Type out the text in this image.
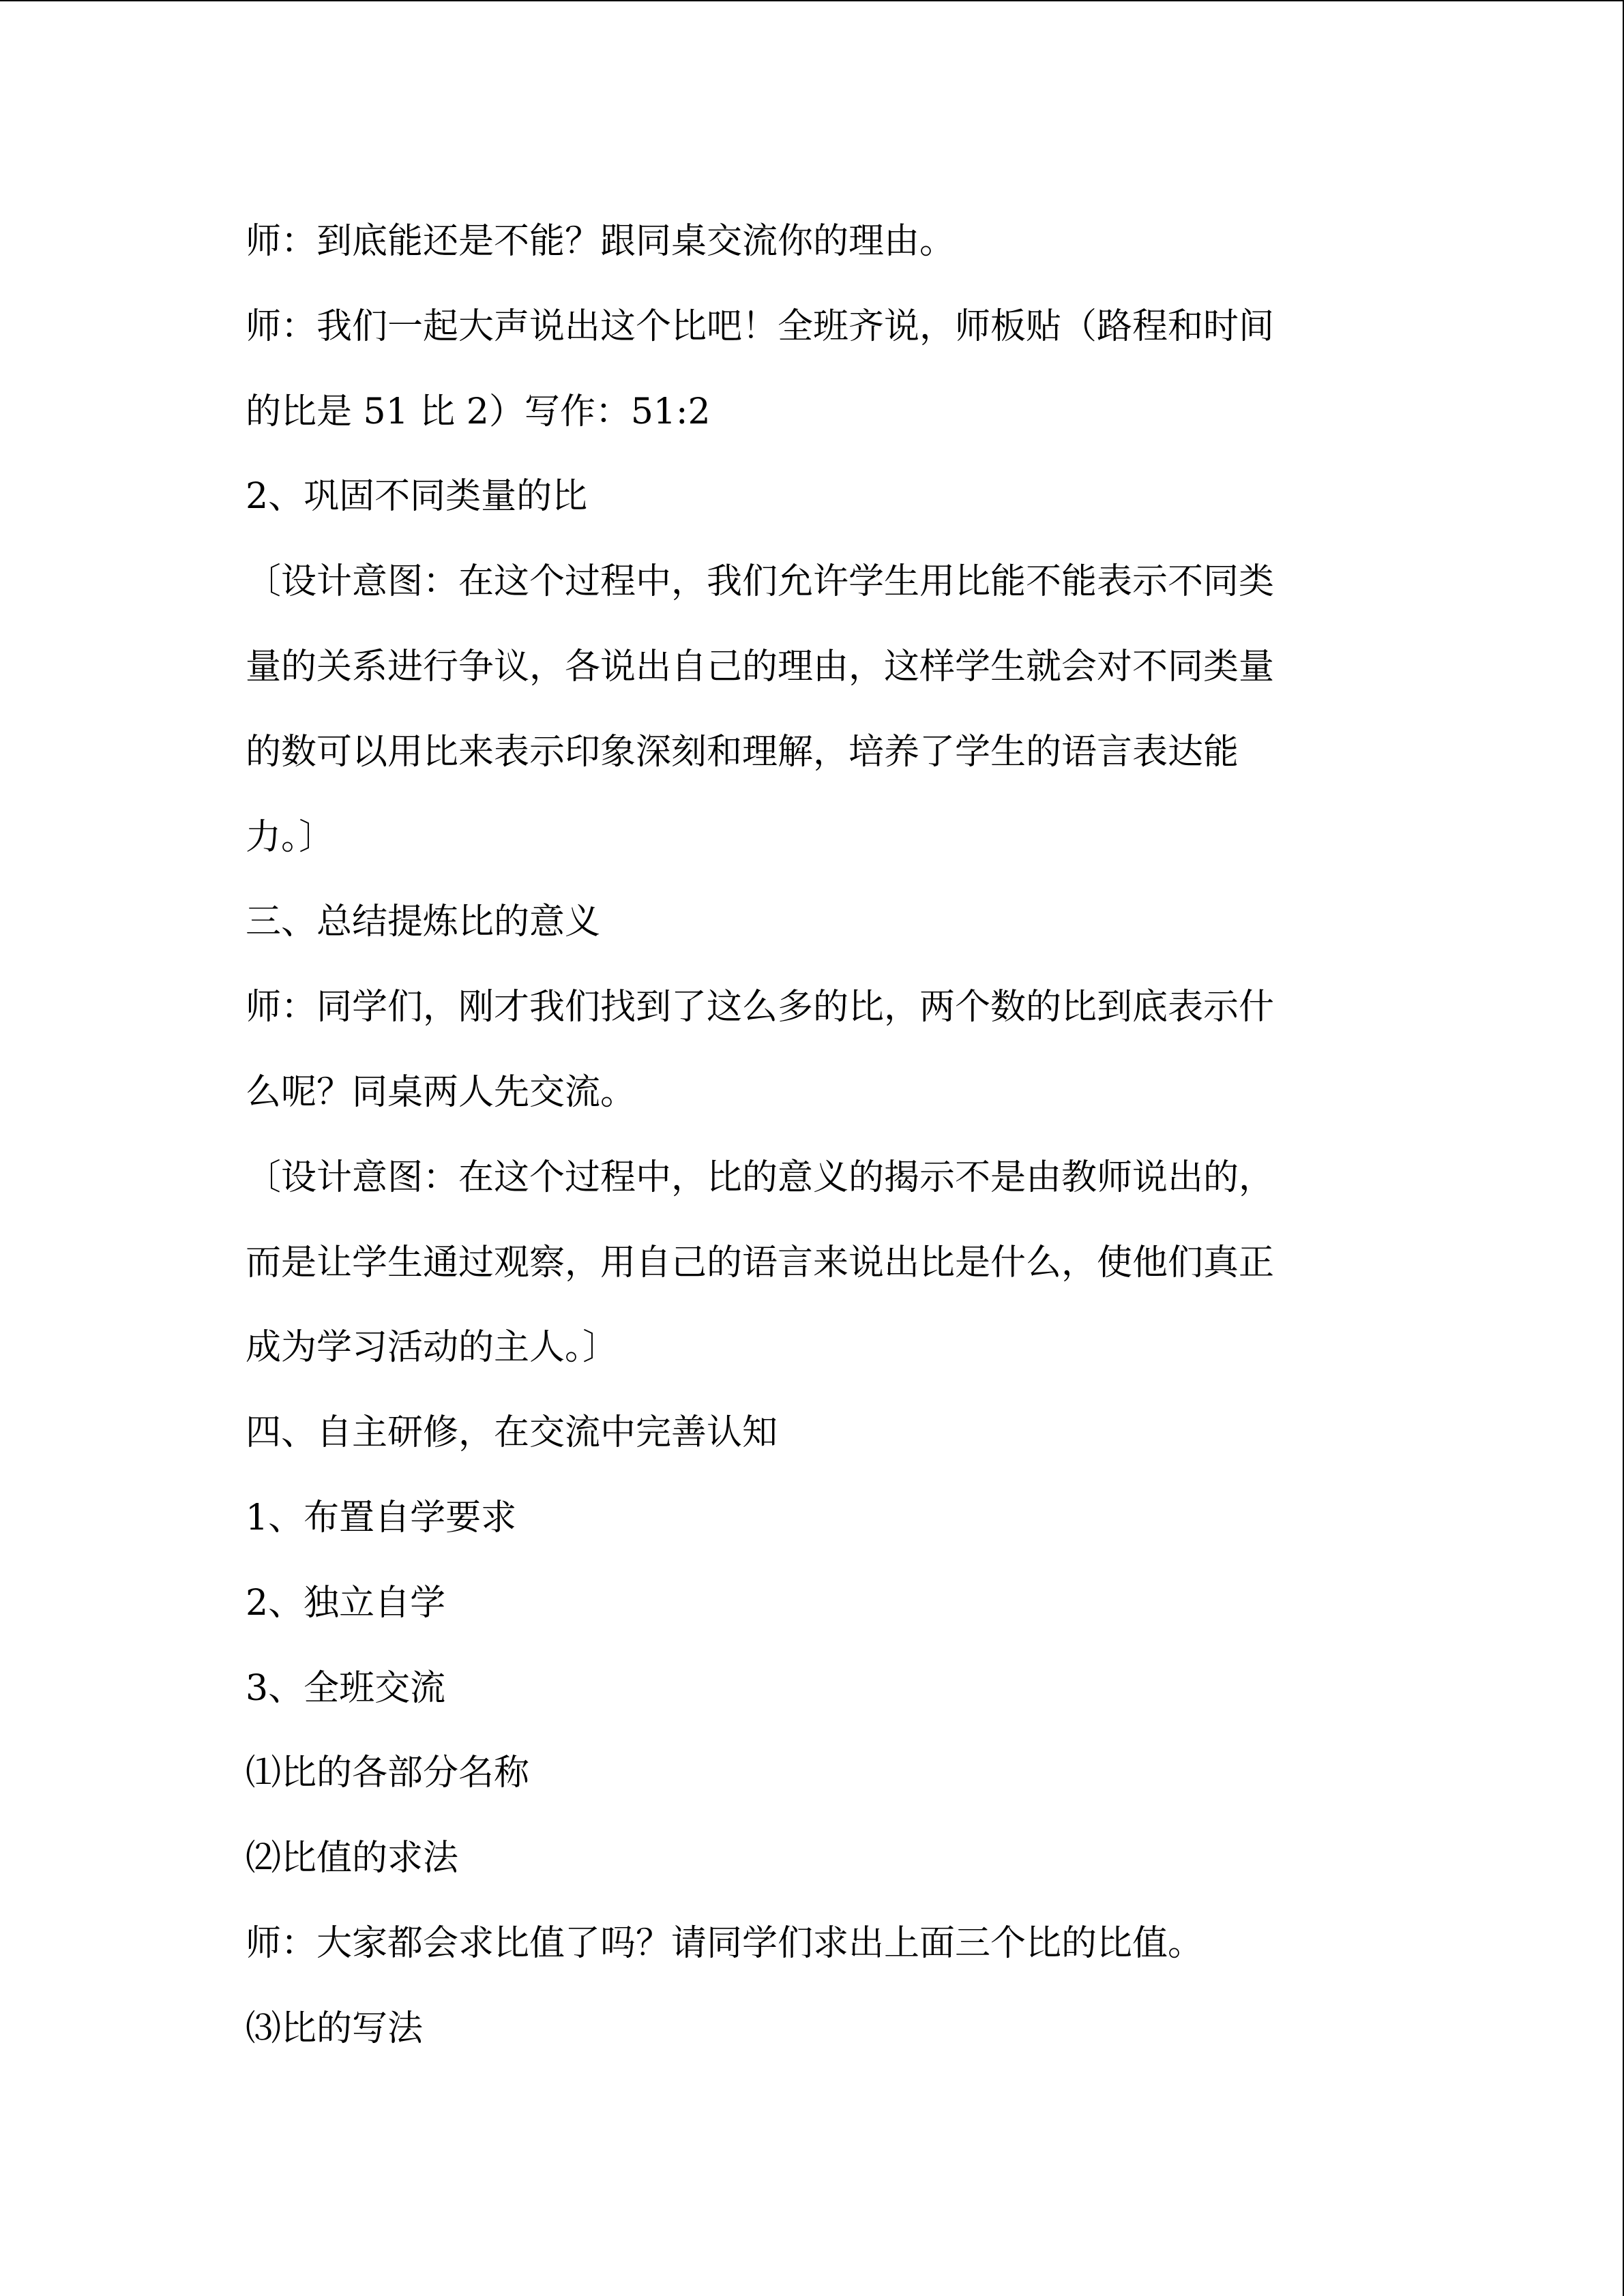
师：到底能还是不能？跟同桌交流你的理由。
师：我们一起大声说出这个比吧！全班齐说，师板贴（路程和时间
的比是 51 比 2）写作：51:2
2、巩固不同类量的比
〔设计意图：在这个过程中，我们允许学生用比能不能表示不同类
量的关系进行争议，各说出自己的理由，这样学生就会对不同类量
的数可以用比来表示印象深刻和理解，培养了学生的语言表达能
力。〕
三、总结提炼比的意义
师：同学们，刚才我们找到了这么多的比，两个数的比到底表示什
么呢？同桌两人先交流。
〔设计意图：在这个过程中，比的意义的揭示不是由教师说出的，
而是让学生通过观察，用自己的语言来说出比是什么，使他们真正
成为学习活动的主人。〕
四、自主研修，在交流中完善认知
1、布置自学要求
2、独立自学
3、全班交流
⑴比的各部分名称
⑵比值的求法
师：大家都会求比值了吗？请同学们求出上面三个比的比值。
⑶比的写法
